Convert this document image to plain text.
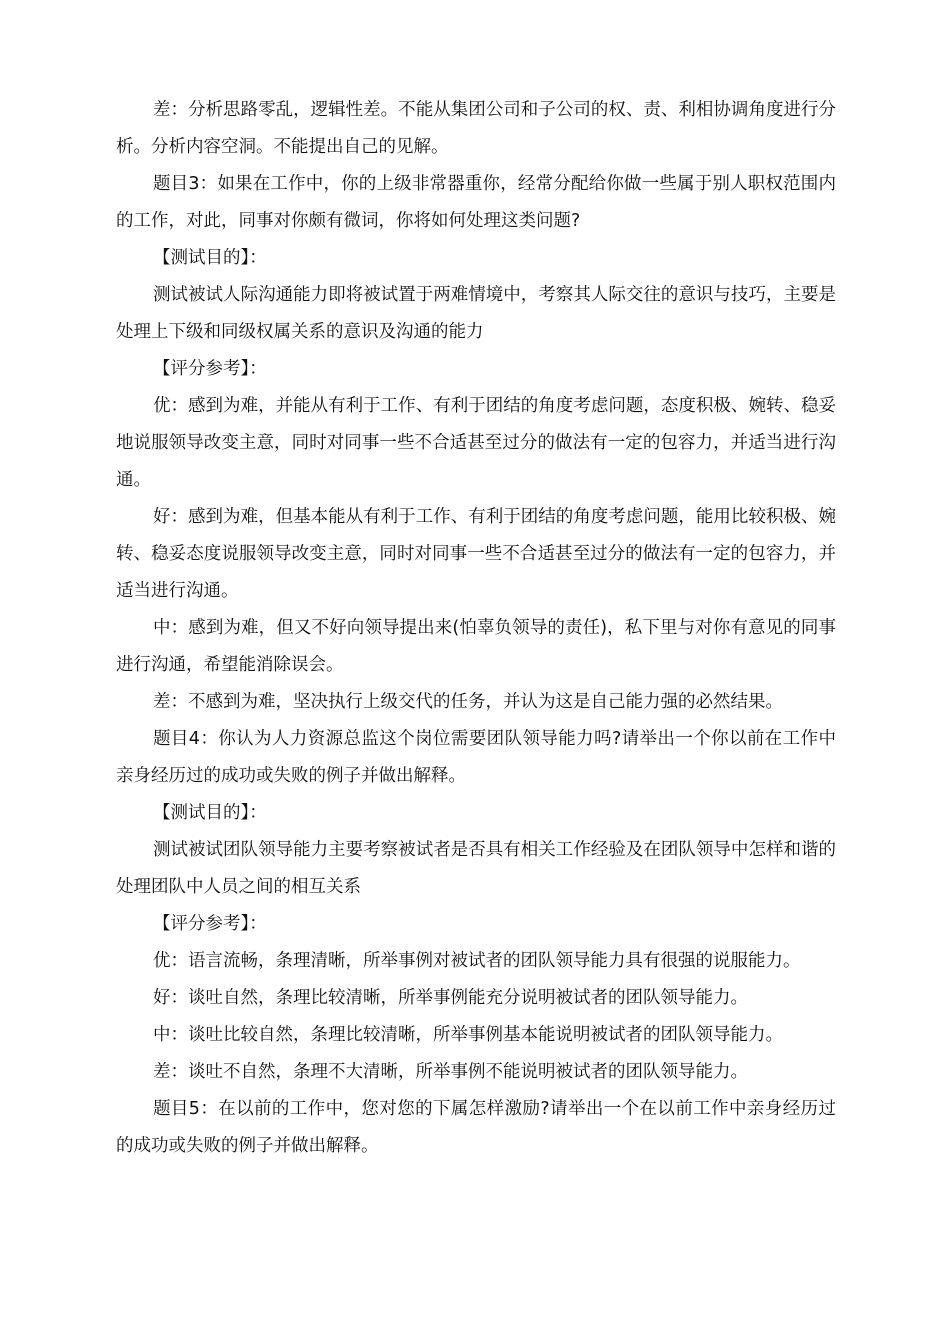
差：分析思路零乱，逻辑性差。不能从集团公司和子公司的权、责、利相协调角度进行分析。分析内容空洞。不能提出自己的见解。

题目3：如果在工作中，你的上级非常器重你，经常分配给你做一些属于别人职权范围内的工作，对此，同事对你颇有微词，你将如何处理这类问题?

【测试目的】：

测试被试人际沟通能力即将被试置于两难情境中，考察其人际交往的意识与技巧，主要是处理上下级和同级权属关系的意识及沟通的能力

【评分参考】：

优：感到为难，并能从有利于工作、有利于团结的角度考虑问题，态度积极、婉转、稳妥地说服领导改变主意，同时对同事一些不合适甚至过分的做法有一定的包容力，并适当进行沟通。

好：感到为难，但基本能从有利于工作、有利于团结的角度考虑问题，能用比较积极、婉转、稳妥态度说服领导改变主意，同时对同事一些不合适甚至过分的做法有一定的包容力，并适当进行沟通。

中：感到为难，但又不好向领导提出来(怕辜负领导的责任)，私下里与对你有意见的同事进行沟通，希望能消除误会。

差：不感到为难，坚决执行上级交代的任务，并认为这是自己能力强的必然结果。

题目4：你认为人力资源总监这个岗位需要团队领导能力吗?请举出一个你以前在工作中亲身经历过的成功或失败的例子并做出解释。

【测试目的】：

测试被试团队领导能力主要考察被试者是否具有相关工作经验及在团队领导中怎样和谐的处理团队中人员之间的相互关系

【评分参考】：

优：语言流畅，条理清晰，所举事例对被试者的团队领导能力具有很强的说服能力。

好：谈吐自然，条理比较清晰，所举事例能充分说明被试者的团队领导能力。

中：谈吐比较自然，条理比较清晰，所举事例基本能说明被试者的团队领导能力。

差：谈吐不自然，条理不大清晰，所举事例不能说明被试者的团队领导能力。

题目5：在以前的工作中，您对您的下属怎样激励?请举出一个在以前工作中亲身经历过的成功或失败的例子并做出解释。
